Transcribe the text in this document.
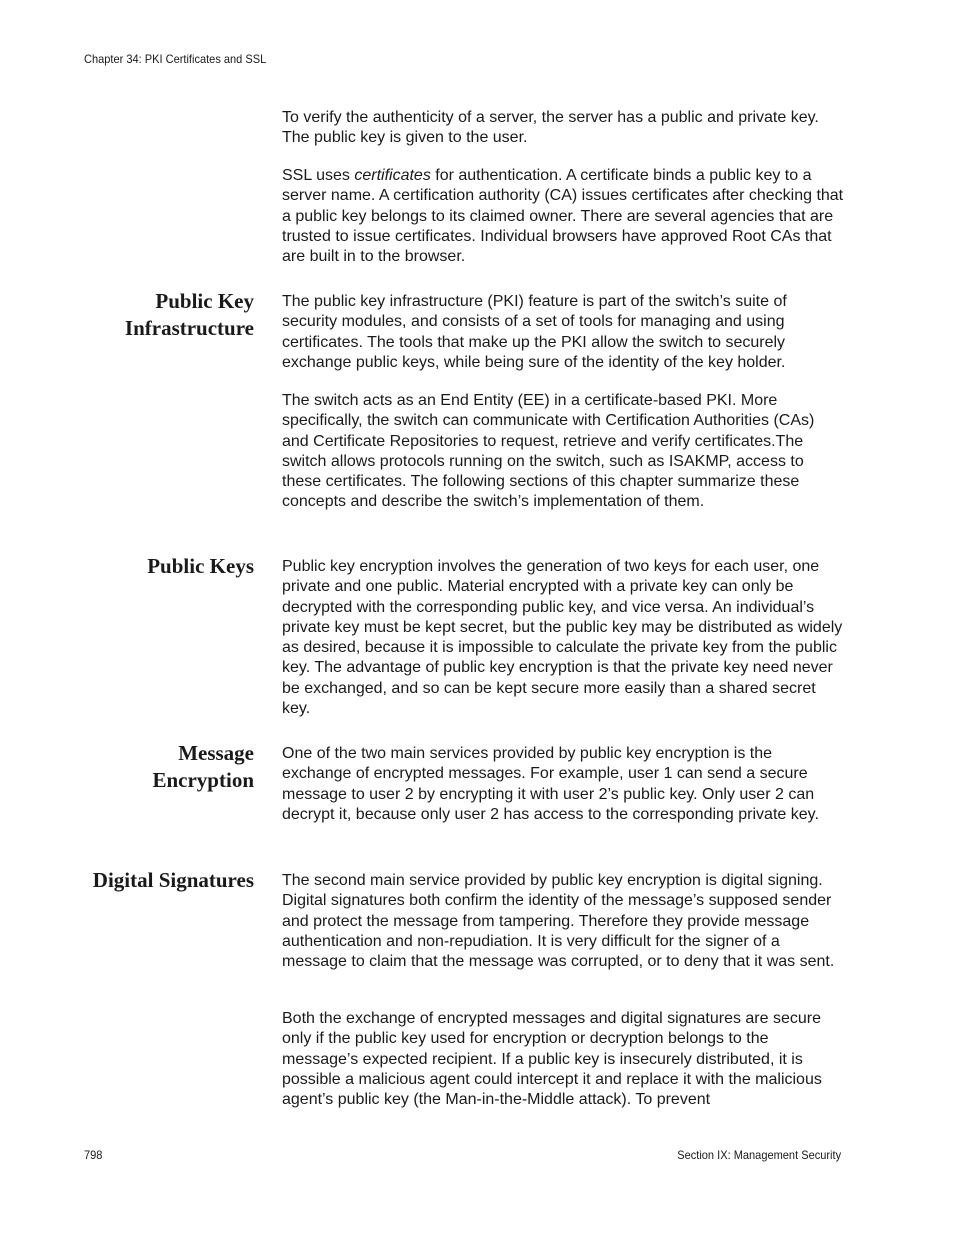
Chapter 34: PKI Certificates and SSL

To verify the authenticity of a server, the server has a public and private key. The public key is given to the user.

SSL uses certificates for authentication. A certificate binds a public key to a server name. A certification authority (CA) issues certificates after checking that a public key belongs to its claimed owner. There are several agencies that are trusted to issue certificates. Individual browsers have approved Root CAs that are built in to the browser.

Public Key
Infrastructure

The public key infrastructure (PKI) feature is part of the switch’s suite of security modules, and consists of a set of tools for managing and using certificates. The tools that make up the PKI allow the switch to securely exchange public keys, while being sure of the identity of the key holder.

The switch acts as an End Entity (EE) in a certificate-based PKI. More specifically, the switch can communicate with Certification Authorities (CAs) and Certificate Repositories to request, retrieve and verify certificates.The switch allows protocols running on the switch, such as ISAKMP, access to these certificates. The following sections of this chapter summarize these concepts and describe the switch’s implementation of them.

Public Keys Public key encryption involves the generation of two keys for each user, one private and one public. Material encrypted with a private key can only be decrypted with the corresponding public key, and vice versa. An individual’s private key must be kept secret, but the public key may be distributed as widely as desired, because it is impossible to calculate the private key from the public key. The advantage of public key encryption is that the private key need never be exchanged, and so can be kept secure more easily than a shared secret key.

Message
Encryption

One of the two main services provided by public key encryption is the exchange of encrypted messages. For example, user 1 can send a secure message to user 2 by encrypting it with user 2’s public key. Only user 2 can decrypt it, because only user 2 has access to the corresponding private key.

Digital Signatures The second main service provided by public key encryption is digital signing. Digital signatures both confirm the identity of the message’s supposed sender and protect the message from tampering. Therefore they provide message authentication and non-repudiation. It is very difficult for the signer of a message to claim that the message was corrupted, or to deny that it was sent.

Both the exchange of encrypted messages and digital signatures are secure only if the public key used for encryption or decryption belongs to the message’s expected recipient. If a public key is insecurely distributed, it is possible a malicious agent could intercept it and replace it with the malicious agent’s public key (the Man-in-the-Middle attack). To prevent

798	Section IX: Management Security
